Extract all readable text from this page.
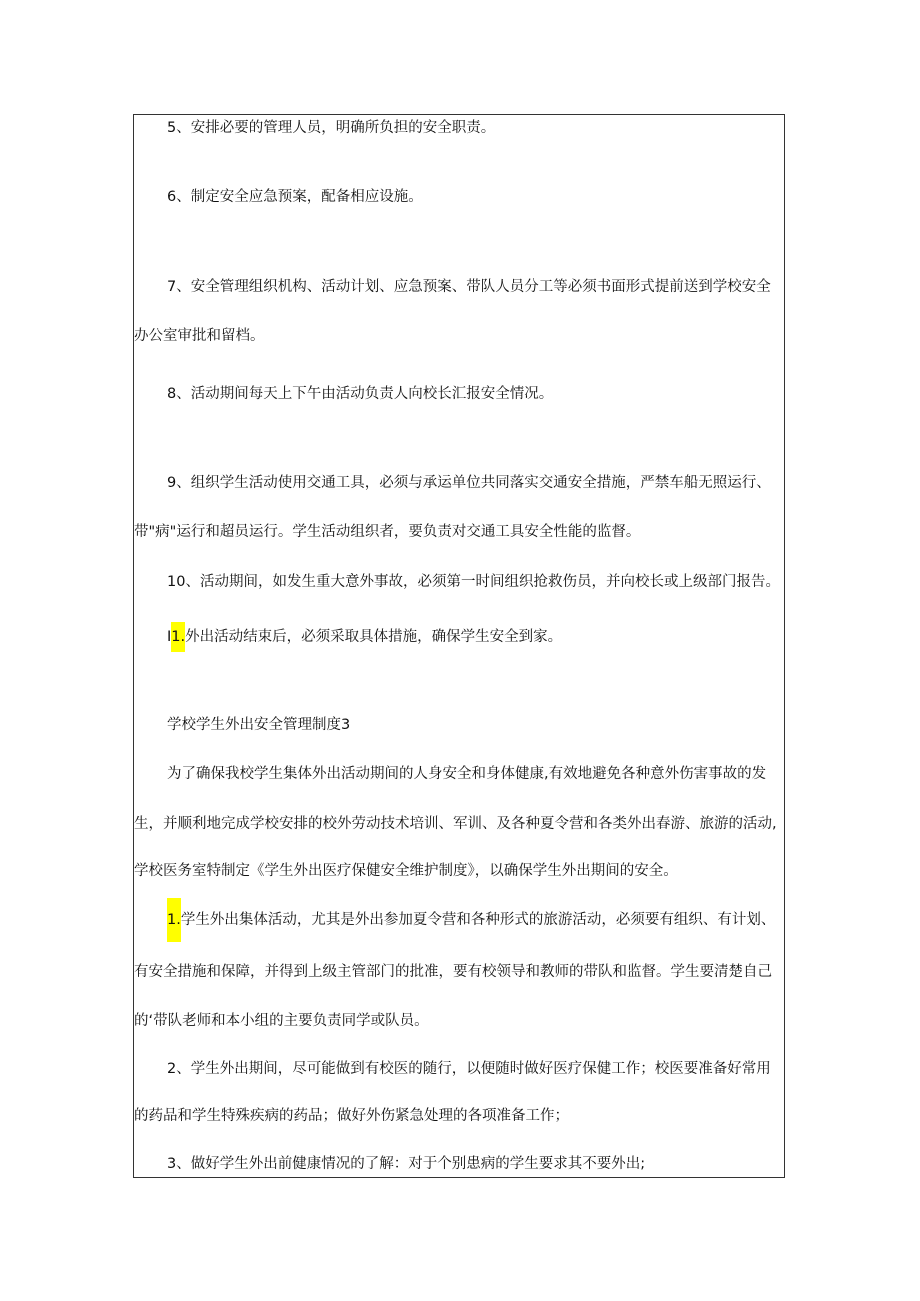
5、安排必要的管理人员，明确所负担的安全职责。
6、制定安全应急预案，配备相应设施。
7、安全管理组织机构、活动计划、应急预案、带队人员分工等必须书面形式提前送到学校安全
办公室审批和留档。
8、活动期间每天上下午由活动负责人向校长汇报安全情况。
9、组织学生活动使用交通工具，必须与承运单位共同落实交通安全措施，严禁车船无照运行、
带"病"运行和超员运行。学生活动组织者，要负责对交通工具安全性能的监督。
10、活动期间，如发生重大意外事故，必须第一时间组织抢救伤员，并向校长或上级部门报告。
I1.外出活动结束后，必须采取具体措施，确保学生安全到家。
学校学生外出安全管理制度3
为了确保我校学生集体外出活动期间的人身安全和身体健康,有效地避免各种意外伤害事故的发
生，并顺利地完成学校安排的校外劳动技术培训、军训、及各种夏令营和各类外出春游、旅游的活动,
学校医务室特制定《学生外出医疗保健安全维护制度》，以确保学生外出期间的安全。
1.学生外出集体活动，尤其是外出参加夏令营和各种形式的旅游活动，必须要有组织、有计划、
有安全措施和保障，并得到上级主管部门的批准，要有校领导和教师的带队和监督。学生要清楚自己
的‘带队老师和本小组的主要负责同学或队员。
2、学生外出期间，尽可能做到有校医的随行，以便随时做好医疗保健工作；校医要准备好常用
的药品和学生特殊疾病的药品；做好外伤紧急处理的各项准备工作；
3、做好学生外出前健康情况的了解：对于个别患病的学生要求其不要外出;
